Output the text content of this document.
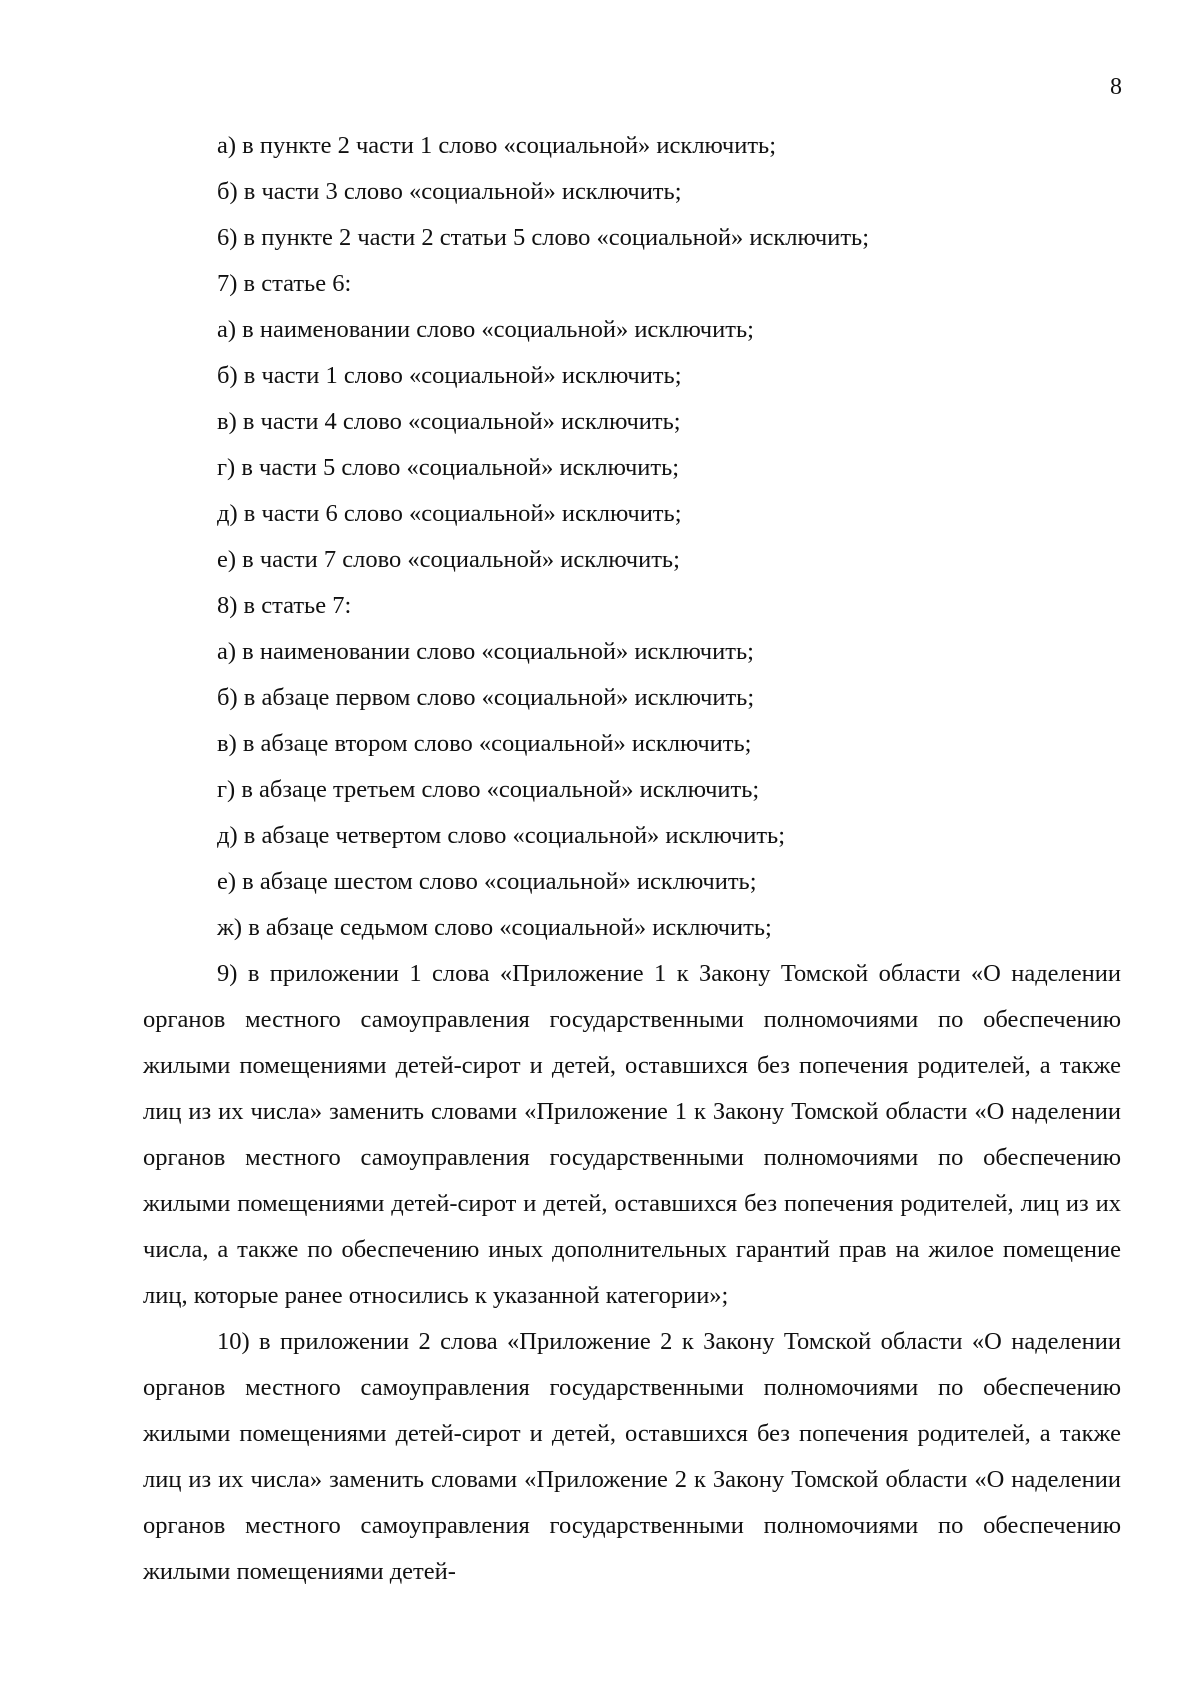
8

а) в пункте 2 части 1 слово «социальной» исключить;

б) в части 3 слово «социальной» исключить;

6) в пункте 2 части 2 статьи 5 слово «социальной» исключить;

7) в статье 6:

а) в наименовании слово «социальной» исключить;

б) в части 1 слово «социальной» исключить;

в) в части 4 слово «социальной» исключить;

г) в части 5 слово «социальной» исключить;

д) в части 6 слово «социальной» исключить;

е) в части 7 слово «социальной» исключить;

8) в статье 7:

а) в наименовании слово «социальной» исключить;

б) в абзаце первом слово «социальной» исключить;

в) в абзаце втором слово «социальной» исключить;

г) в абзаце третьем слово «социальной» исключить;

д) в абзаце четвертом слово «социальной» исключить;

е) в абзаце шестом слово «социальной» исключить;

ж) в абзаце седьмом слово «социальной» исключить;

9) в приложении 1 слова «Приложение 1 к Закону Томской области «О наделении органов местного самоуправления государственными полномочиями по обеспечению жилыми помещениями детей-сирот и детей, оставшихся без попечения родителей, а также лиц из их числа» заменить словами «Приложение 1 к Закону Томской области «О наделении органов местного самоуправления государственными полномочиями по обеспечению жилыми помещениями детей-сирот и детей, оставшихся без попечения родителей, лиц из их числа, а также по обеспечению иных дополнительных гарантий прав на жилое помещение лиц, которые ранее относились к указанной категории»;

10) в приложении 2 слова «Приложение 2 к Закону Томской области «О наделении органов местного самоуправления государственными полномочиями по обеспечению жилыми помещениями детей-сирот и детей, оставшихся без попечения родителей, а также лиц из их числа» заменить словами «Приложение 2 к Закону Томской области «О наделении органов местного самоуправления государственными полномочиями по обеспечению жилыми помещениями детей-
